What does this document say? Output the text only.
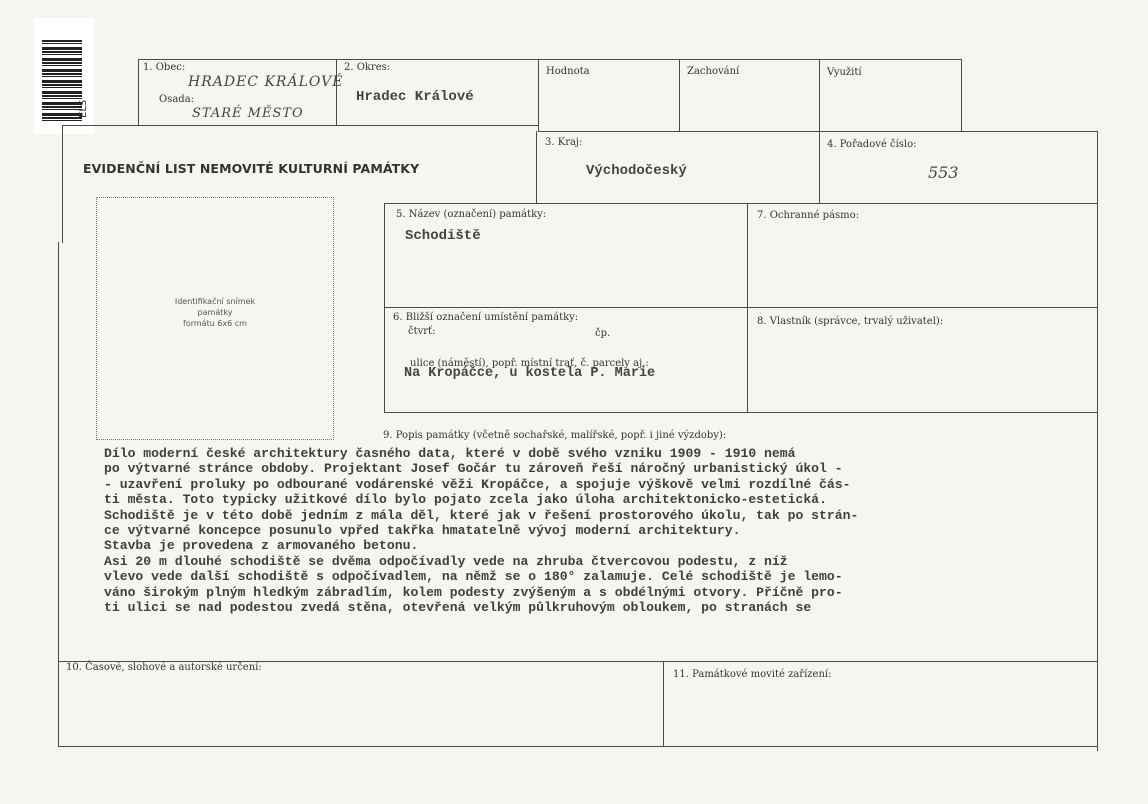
ELS
1. Obec:
HRADEC KRÁLOVÉ
Osada:
STARÉ MĚSTO
2. Okres:
Hradec Králové
Hodnota	Zachování	Využití
EVIDENČNÍ LIST NEMOVITÉ KULTURNÍ PAMÁTKY
3. Kraj:
Východočeský
4. Pořadové číslo:
553
Identifikační snímek
památky
formátu 6x6 cm
5. Název (označení) památky:
Schodiště
7. Ochranné pásmo:
6. Bližší označení umístění památky:
čtvrť:	čp.
ulice (náměstí), popř. místní trať, č. parcely aj.:
Na Kropáčce, u kostela P. Marie
8. Vlastník (správce, trvalý uživatel):
9. Popis památky (včetně sochařské, malířské, popř. i jiné výzdoby):
Dílo moderní české architektury časného data, které v době svého vzniku 1909 - 1910 nemá
po výtvarné stránce obdoby. Projektant Josef Gočár tu zároveň řeší náročný urbanistický úkol -
- uzavření proluky po odbourané vodárenské věži Kropáčce, a spojuje výškově velmi rozdílné čás-
ti města. Toto typicky užitkové dílo bylo pojato zcela jako úloha architektonicko-estetická.
Schodiště je v této době jedním z mála děl, které jak v řešení prostorového úkolu, tak po strán-
ce výtvarné koncepce posunulo vpřed takřka hmatatelně vývoj moderní architektury.
Stavba je provedena z armovaného betonu.
Asi 20 m dlouhé schodiště se dvěma odpočívadly vede na zhruba čtvercovou podestu, z níž
vlevo vede další schodiště s odpočívadlem, na němž se o 180° zalamuje. Celé schodiště je lemo-
váno širokým plným hledkým zábradlím, kolem podesty zvýšeným a s obdélnými otvory. Příčně pro-
ti ulici se nad podestou zvedá stěna, otevřená velkým půlkruhovým obloukem, po stranách se
10. Časové, slohové a autorské určení:
11. Památkové movité zařízení:
